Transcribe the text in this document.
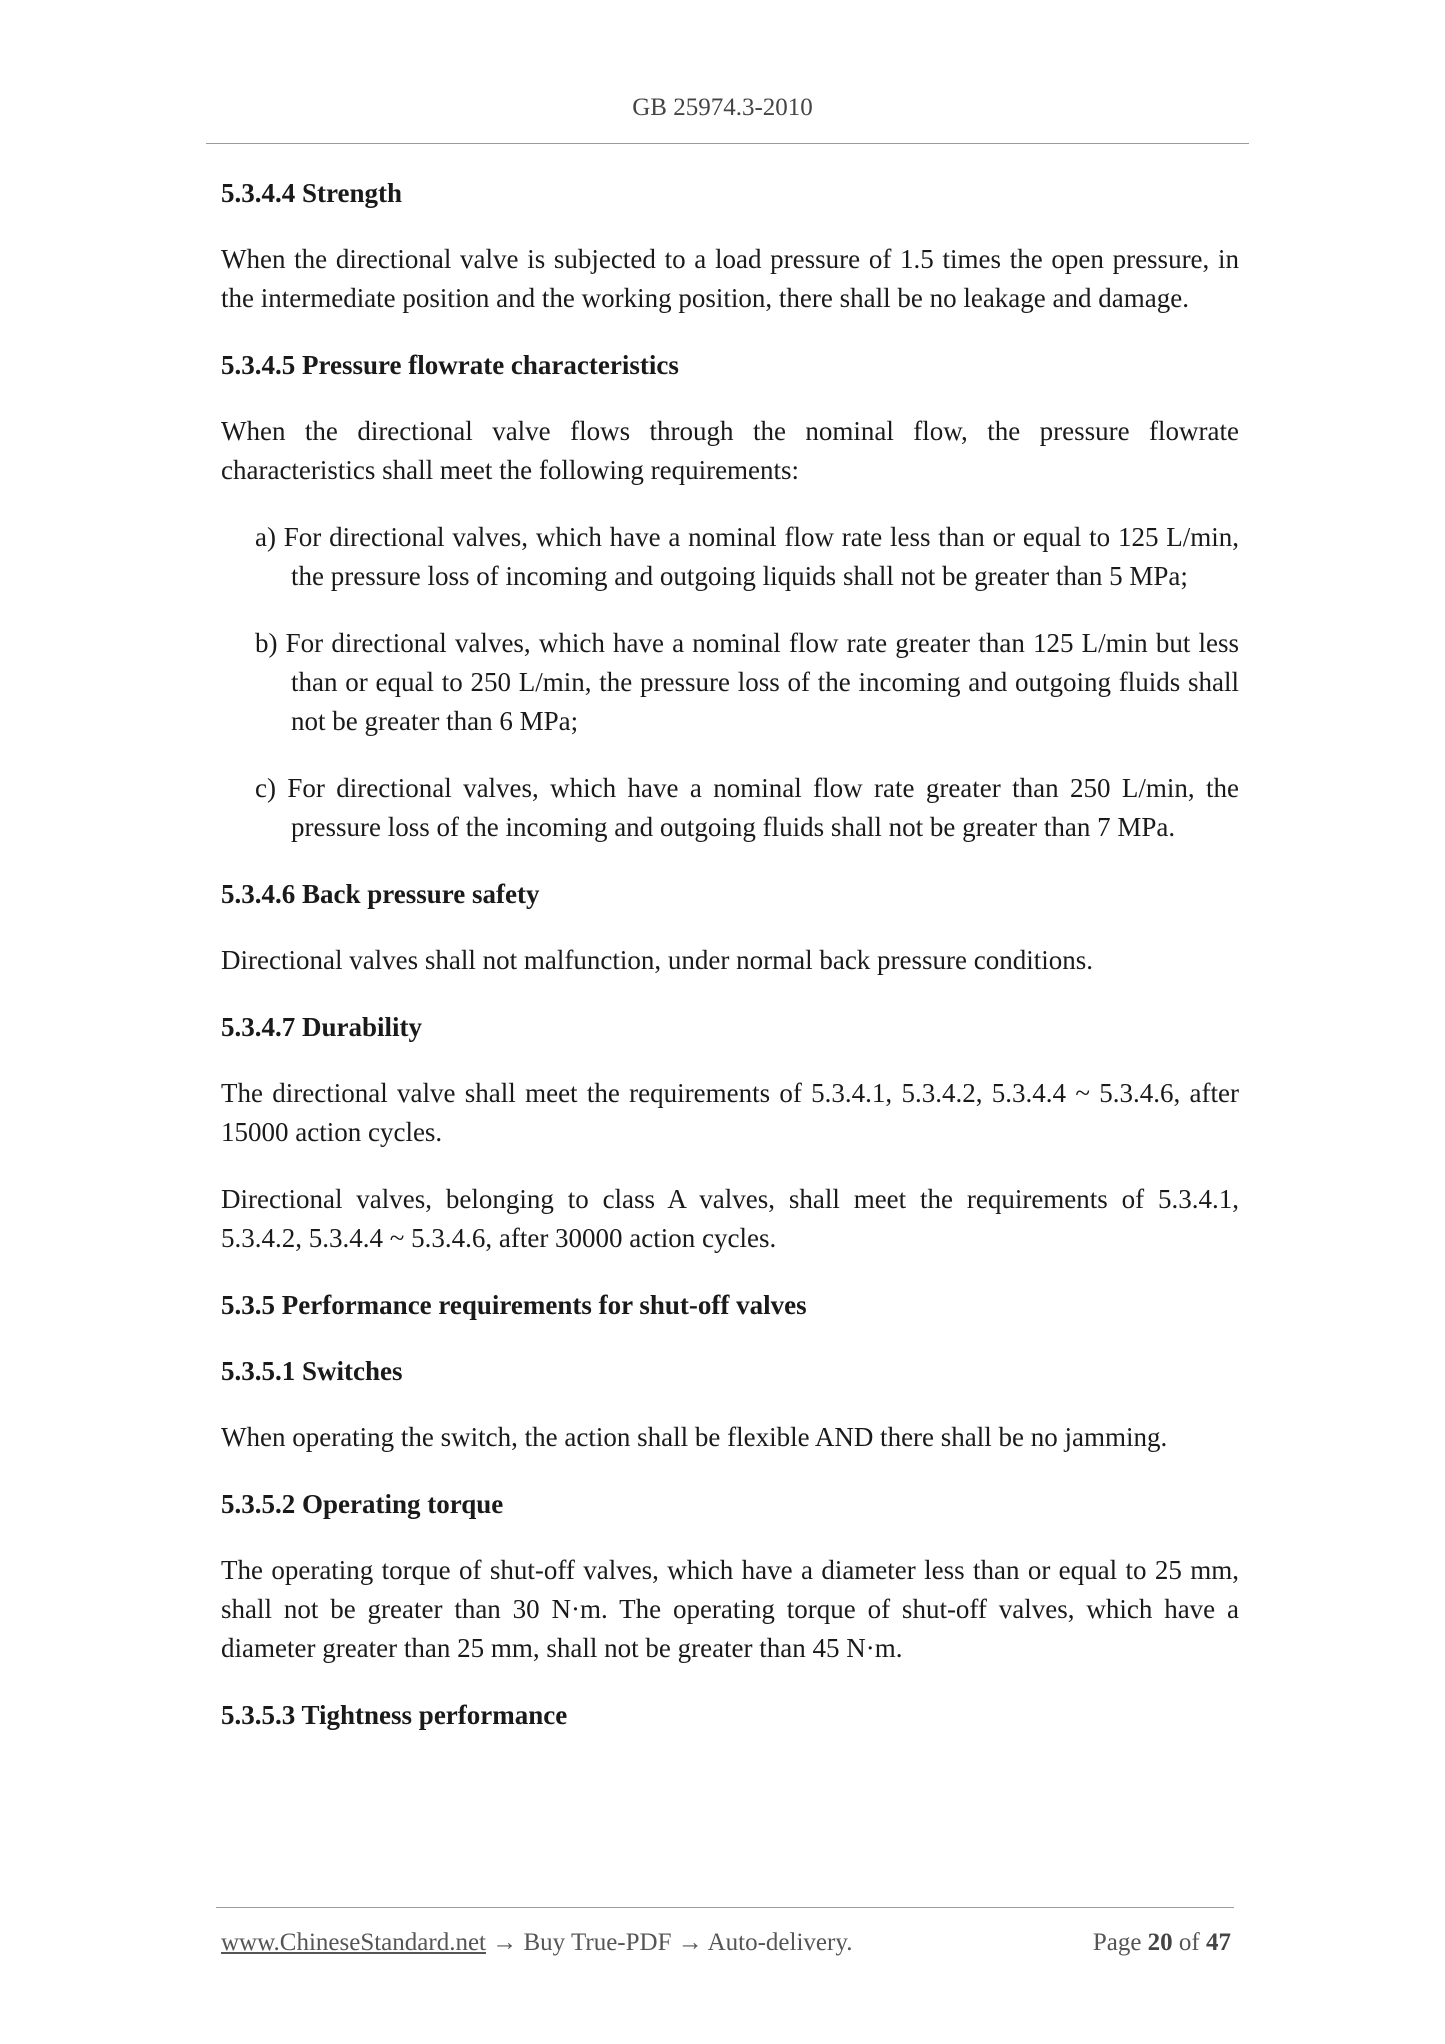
GB 25974.3-2010
5.3.4.4 Strength

When the directional valve is subjected to a load pressure of 1.5 times the open pressure, in the intermediate position and the working position, there shall be no leakage and damage.

5.3.4.5 Pressure flowrate characteristics

When the directional valve flows through the nominal flow, the pressure flowrate characteristics shall meet the following requirements:

a) For directional valves, which have a nominal flow rate less than or equal to 125 L/min, the pressure loss of incoming and outgoing liquids shall not be greater than 5 MPa;
b) For directional valves, which have a nominal flow rate greater than 125 L/min but less than or equal to 250 L/min, the pressure loss of the incoming and outgoing fluids shall not be greater than 6 MPa;
c) For directional valves, which have a nominal flow rate greater than 250 L/min, the pressure loss of the incoming and outgoing fluids shall not be greater than 7 MPa.
5.3.4.6 Back pressure safety

Directional valves shall not malfunction, under normal back pressure conditions.

5.3.4.7 Durability

The directional valve shall meet the requirements of 5.3.4.1, 5.3.4.2, 5.3.4.4 ~ 5.3.4.6, after 15000 action cycles.

Directional valves, belonging to class A valves, shall meet the requirements of 5.3.4.1, 5.3.4.2, 5.3.4.4 ~ 5.3.4.6, after 30000 action cycles.

5.3.5 Performance requirements for shut-off valves
5.3.5.1 Switches

When operating the switch, the action shall be flexible AND there shall be no jamming.

5.3.5.2 Operating torque

The operating torque of shut-off valves, which have a diameter less than or equal to 25 mm, shall not be greater than 30 N·m. The operating torque of shut-off valves, which have a diameter greater than 25 mm, shall not be greater than 45 N·m.

5.3.5.3 Tightness performance
www.ChineseStandard.net → Buy True-PDF → Auto-delivery.	Page 20 of 47
